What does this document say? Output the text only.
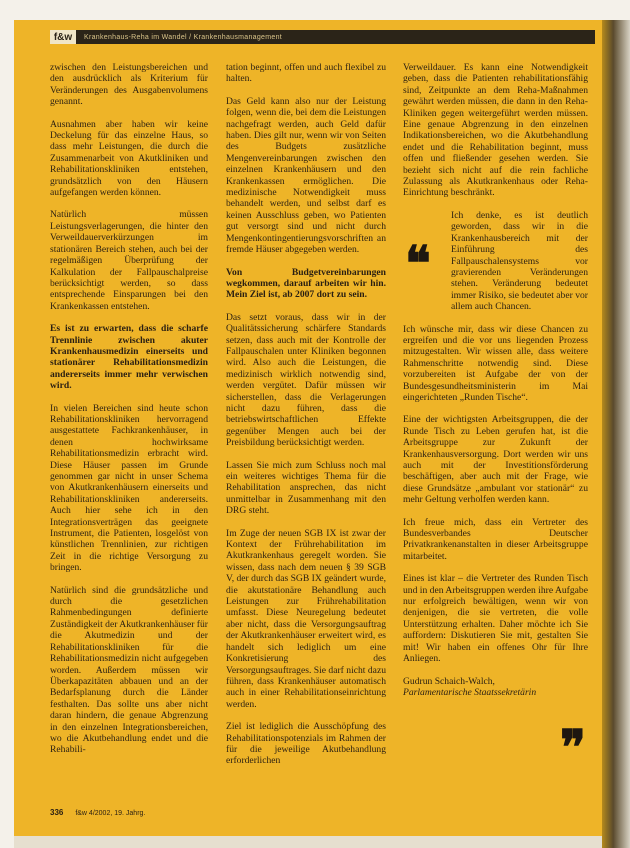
f&w	Krankenhaus-Reha im Wandel / Krankenhausmanagement

zwischen den Leistungsbereichen und den ausdrücklich als Kriterium für Veränderungen des Ausgabenvolumens genannt.

Ausnahmen aber haben wir keine Deckelung für das einzelne Haus, so dass mehr Leistungen, die durch die Zusammenarbeit von Akutkliniken und Rehabilitationskliniken entstehen, grundsätzlich von den Häusern aufgefangen werden können.

Natürlich müssen Leistungsverlagerungen, die hinter den Verweildauerverkürzungen im stationären Bereich stehen, auch bei der regelmäßigen Überprüfung der Kalkulation der Fallpauschalpreise berücksichtigt werden, so dass entsprechende Einsparungen bei den Krankenkassen entstehen.

Es ist zu erwarten, dass die scharfe Trennlinie zwischen akuter Krankenhausmedizin einerseits und stationärer Rehabilitationsmedizin andererseits immer mehr verwischen wird.

In vielen Bereichen sind heute schon Rehabilitationskliniken hervorragend ausgestattete Fachkrankenhäuser, in denen hochwirksame Rehabilitationsmedizin erbracht wird. Diese Häuser passen im Grunde genommen gar nicht in unser Schema von Akutkrankenhäusern einerseits und Rehabilitationskliniken andererseits. Auch hier sehe ich in den Integrationsverträgen das geeignete Instrument, die Patienten, losgelöst von künstlichen Trennlinien, zur richtigen Zeit in die richtige Versorgung zu bringen.

Natürlich sind die grundsätzliche und durch die gesetzlichen Rahmenbedingungen definierte Zuständigkeit der Akutkrankenhäuser für die Akutmedizin und der Rehabilitationskliniken für die Rehabilitationsmedizin nicht aufgegeben worden. Außerdem müssen wir Überkapazitäten abbauen und an der Bedarfsplanung durch die Länder festhalten. Das sollte uns aber nicht daran hindern, die genaue Abgrenzung in den einzelnen Integrationsbereichen, wo die Akutbehandlung endet und die Rehabili-

tation beginnt, offen und auch flexibel zu halten.

Das Geld kann also nur der Leistung folgen, wenn die, bei dem die Leistungen nachgefragt werden, auch Geld dafür haben. Dies gilt nur, wenn wir von Seiten des Budgets zusätzliche Mengenvereinbarungen zwischen den einzelnen Krankenhäusern und den Krankenkassen ermöglichen. Die medizinische Notwendigkeit muss behandelt werden, und selbst darf es keinen Ausschluss geben, wo Patienten gut versorgt sind und nicht durch Mengenkontingentierungsvorschriften an fremde Häuser abgegeben werden.

Von Budgetvereinbarungen wegkommen, darauf arbeiten wir hin. Mein Ziel ist, ab 2007 dort zu sein.

Das setzt voraus, dass wir in der Qualitätssicherung schärfere Standards setzen, dass auch mit der Kontrolle der Fallpauschalen unter Kliniken begonnen wird. Also auch die Leistungen, die medizinisch wirklich notwendig sind, werden vergütet. Dafür müssen wir sicherstellen, dass die Verlagerungen nicht dazu führen, dass die betriebswirtschaftlichen Effekte gegenüber Mengen auch bei der Preisbildung berücksichtigt werden.

Lassen Sie mich zum Schluss noch mal ein weiteres wichtiges Thema für die Rehabilitation ansprechen, das nicht unmittelbar in Zusammenhang mit den DRG steht.

Im Zuge der neuen SGB IX ist zwar der Kontext der Frührehabilitation im Akutkrankenhaus geregelt worden. Sie wissen, dass nach dem neuen § 39 SGB V, der durch das SGB IX geändert wurde, die akutstationäre Behandlung auch Leistungen zur Frührehabilitation umfasst. Diese Neuregelung bedeutet aber nicht, dass die Versorgungsauftrag der Akutkrankenhäuser erweitert wird, es handelt sich lediglich um eine Konkretisierung des Versorgungsauftrages. Sie darf nicht dazu führen, dass Krankenhäuser automatisch auch in einer Rehabilitationseinrichtung werden.

Ziel ist lediglich die Ausschöpfung des Rehabilitationspotenzials im Rahmen der für die jeweilige Akutbehandlung erforderlichen

Verweildauer. Es kann eine Notwendigkeit geben, dass die Patienten rehabilitationsfähig sind, Zeitpunkte an dem Reha-Maßnahmen gewährt werden müssen, die dann in den Reha-Kliniken gegen weitergeführt werden müssen. Eine genaue Abgrenzung in den einzelnen Indikationsbereichen, wo die Akutbehandlung endet und die Rehabilitation beginnt, muss offen und fließender gesehen werden. Sie bezieht sich nicht auf die rein fachliche Zulassung als Akutkrankenhaus oder Reha-Einrichtung beschränkt.

Ich denke, es ist deutlich geworden, dass wir in die Krankenhausbereich mit der Einführung des Fallpauschalensystems vor gravierenden Veränderungen stehen. Veränderung bedeutet immer Risiko, sie bedeutet aber vor allem auch Chancen.

Ich wünsche mir, dass wir diese Chancen zu ergreifen und die vor uns liegenden Prozess mitzugestalten. Wir wissen alle, dass weitere Rahmenschritte notwendig sind. Diese vorzubereiten ist Aufgabe der von der Bundesgesundheitsministerin im Mai eingerichteten „Runden Tische“.

Eine der wichtigsten Arbeitsgruppen, die der Runde Tisch zu Leben gerufen hat, ist die Arbeitsgruppe zur Zukunft der Krankenhausversorgung. Dort werden wir uns auch mit der Investitionsförderung beschäftigen, aber auch mit der Frage, wie diese Grundsätze „ambulant vor stationär“ zu mehr Geltung verholfen werden kann.

Ich freue mich, dass ein Vertreter des Bundesverbandes Deutscher Privatkrankenanstalten in dieser Arbeitsgruppe mitarbeitet.

Eines ist klar – die Vertreter des Runden Tisch und in den Arbeitsgruppen werden ihre Aufgabe nur erfolgreich bewältigen, wenn wir von denjenigen, die sie vertreten, die volle Unterstützung erhalten. Daher möchte ich Sie auffordern: Diskutieren Sie mit, gestalten Sie mit! Wir haben ein offenes Ohr für Ihre Anliegen.

Gudrun Schaich-Walch,
Parlamentarische Staatssekretärin

❝
❞
336 f&w 4/2002, 19. Jahrg.
